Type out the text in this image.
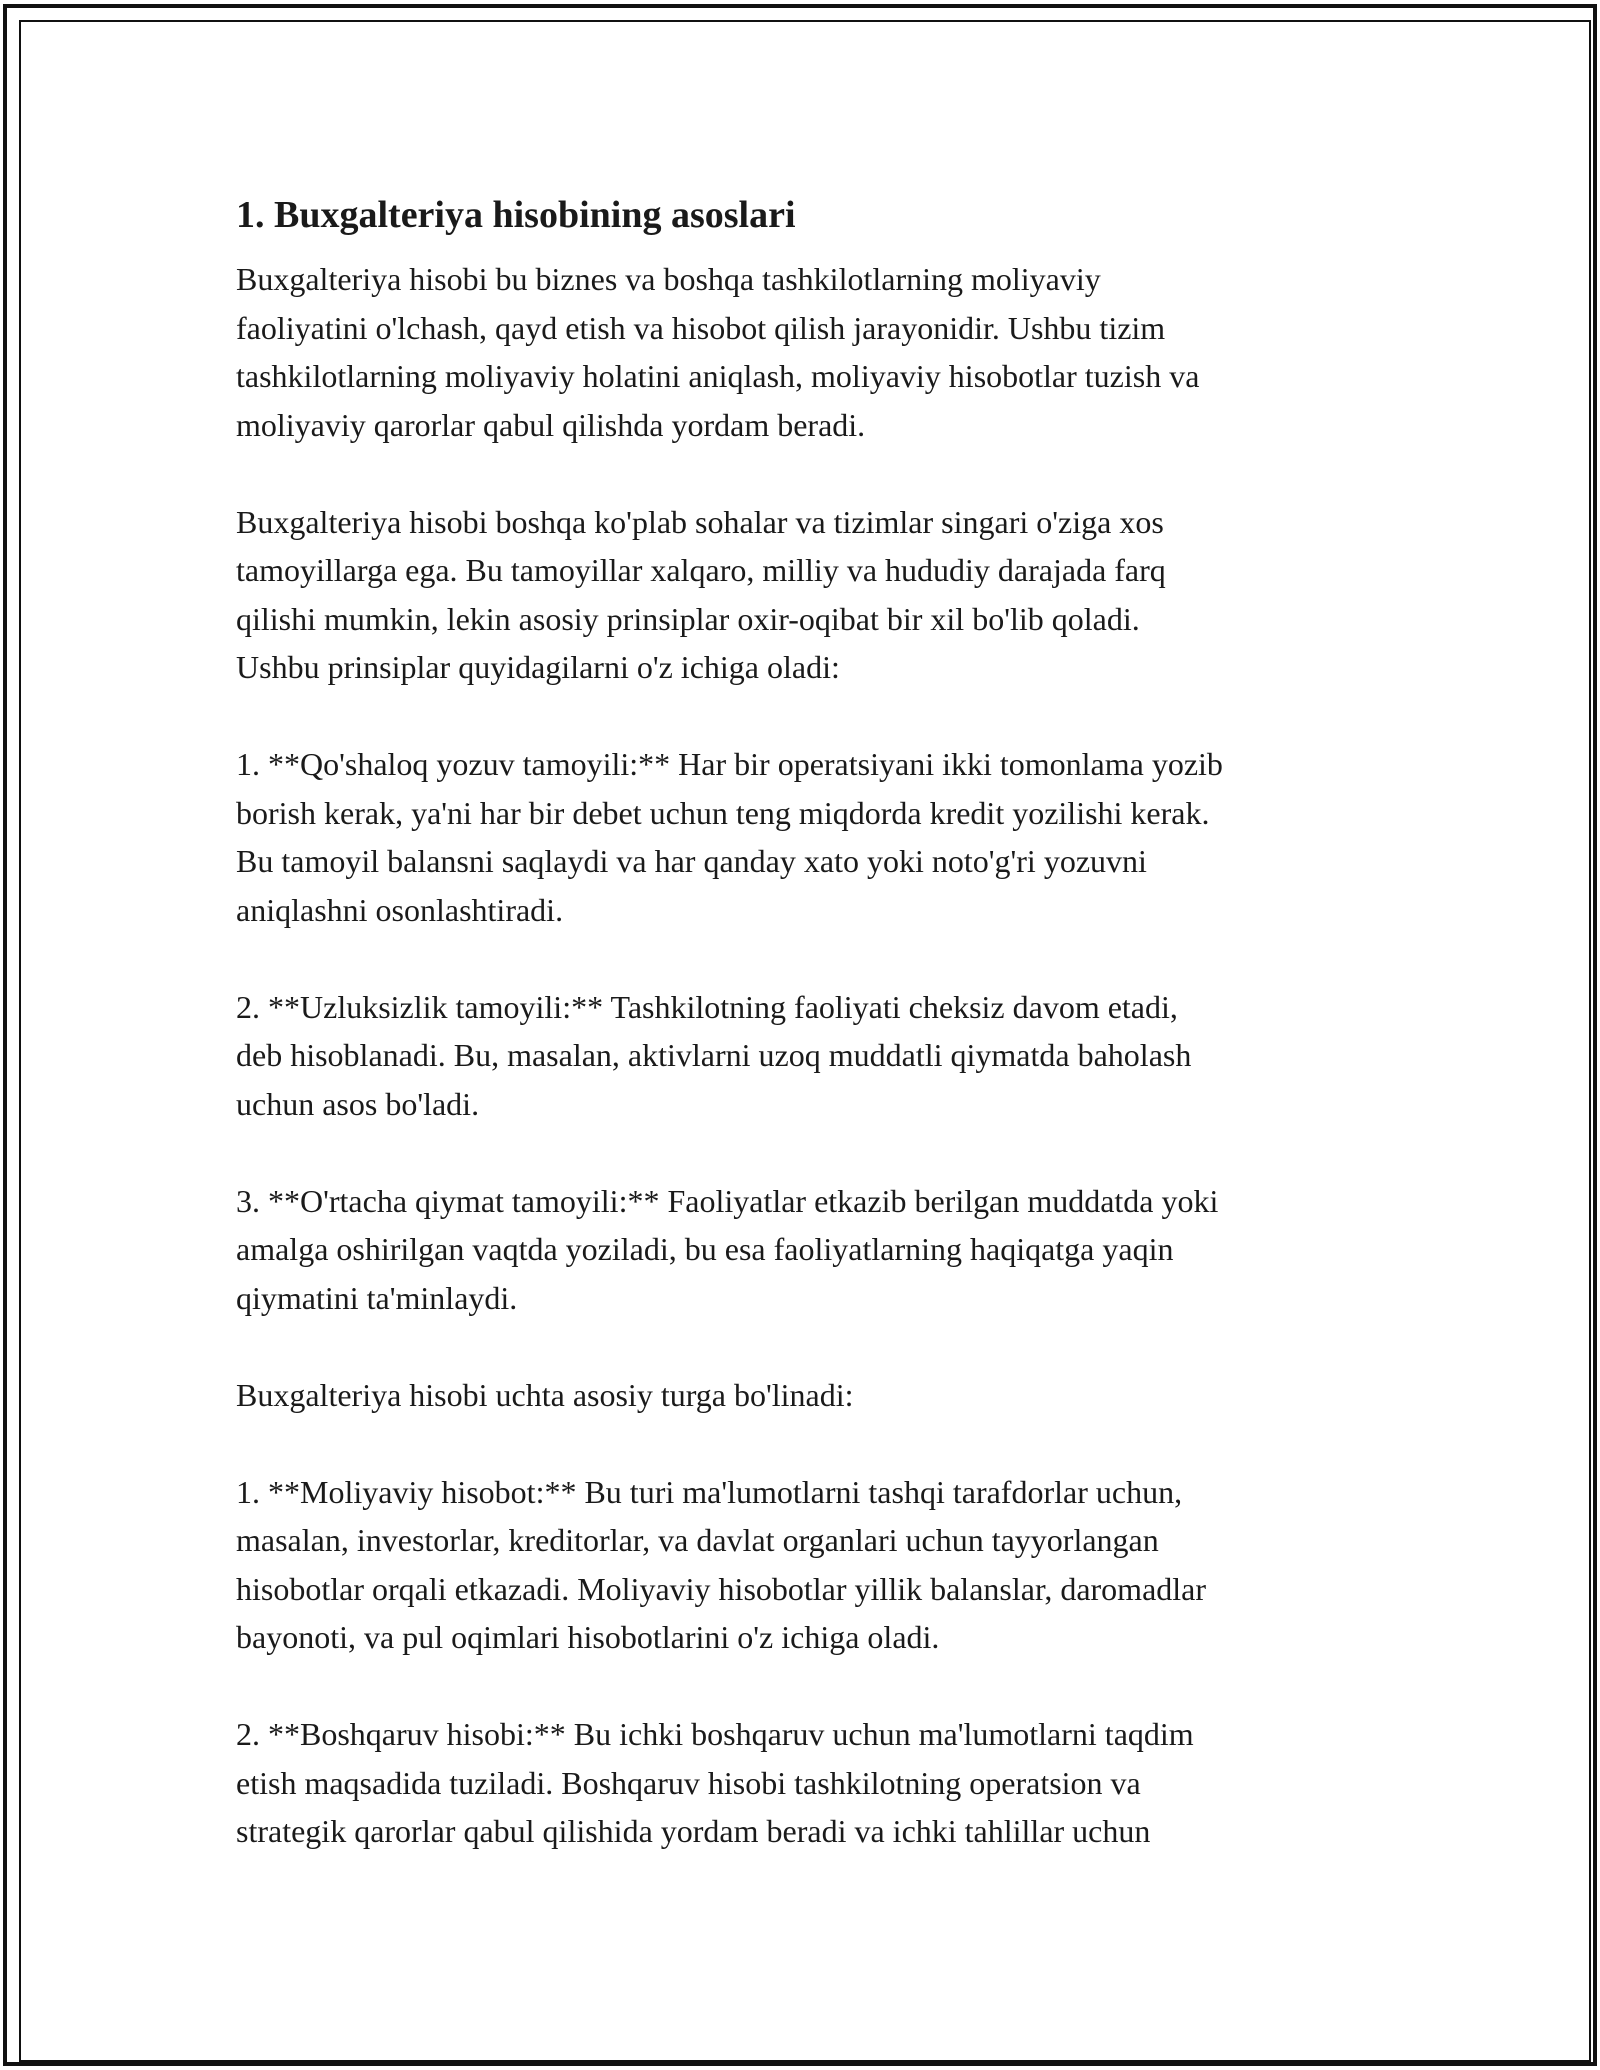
1. Buxgalteriya hisobining asoslari

Buxgalteriya hisobi bu biznes va boshqa tashkilotlarning moliyaviy
faoliyatini o'lchash, qayd etish va hisobot qilish jarayonidir. Ushbu tizim
tashkilotlarning moliyaviy holatini aniqlash, moliyaviy hisobotlar tuzish va
moliyaviy qarorlar qabul qilishda yordam beradi.

Buxgalteriya hisobi boshqa ko'plab sohalar va tizimlar singari o'ziga xos
tamoyillarga ega. Bu tamoyillar xalqaro, milliy va hududiy darajada farq
qilishi mumkin, lekin asosiy prinsiplar oxir-oqibat bir xil bo'lib qoladi.
Ushbu prinsiplar quyidagilarni o'z ichiga oladi:

1. **Qo'shaloq yozuv tamoyili:** Har bir operatsiyani ikki tomonlama yozib
borish kerak, ya'ni har bir debet uchun teng miqdorda kredit yozilishi kerak.
Bu tamoyil balansni saqlaydi va har qanday xato yoki noto'g'ri yozuvni
aniqlashni osonlashtiradi.

2. **Uzluksizlik tamoyili:** Tashkilotning faoliyati cheksiz davom etadi,
deb hisoblanadi. Bu, masalan, aktivlarni uzoq muddatli qiymatda baholash
uchun asos bo'ladi.

3. **O'rtacha qiymat tamoyili:** Faoliyatlar etkazib berilgan muddatda yoki
amalga oshirilgan vaqtda yoziladi, bu esa faoliyatlarning haqiqatga yaqin
qiymatini ta'minlaydi.

Buxgalteriya hisobi uchta asosiy turga bo'linadi:

1. **Moliyaviy hisobot:** Bu turi ma'lumotlarni tashqi tarafdorlar uchun,
masalan, investorlar, kreditorlar, va davlat organlari uchun tayyorlangan
hisobotlar orqali etkazadi. Moliyaviy hisobotlar yillik balanslar, daromadlar
bayonoti, va pul oqimlari hisobotlarini o'z ichiga oladi.

2. **Boshqaruv hisobi:** Bu ichki boshqaruv uchun ma'lumotlarni taqdim
etish maqsadida tuziladi. Boshqaruv hisobi tashkilotning operatsion va
strategik qarorlar qabul qilishida yordam beradi va ichki tahlillar uchun
